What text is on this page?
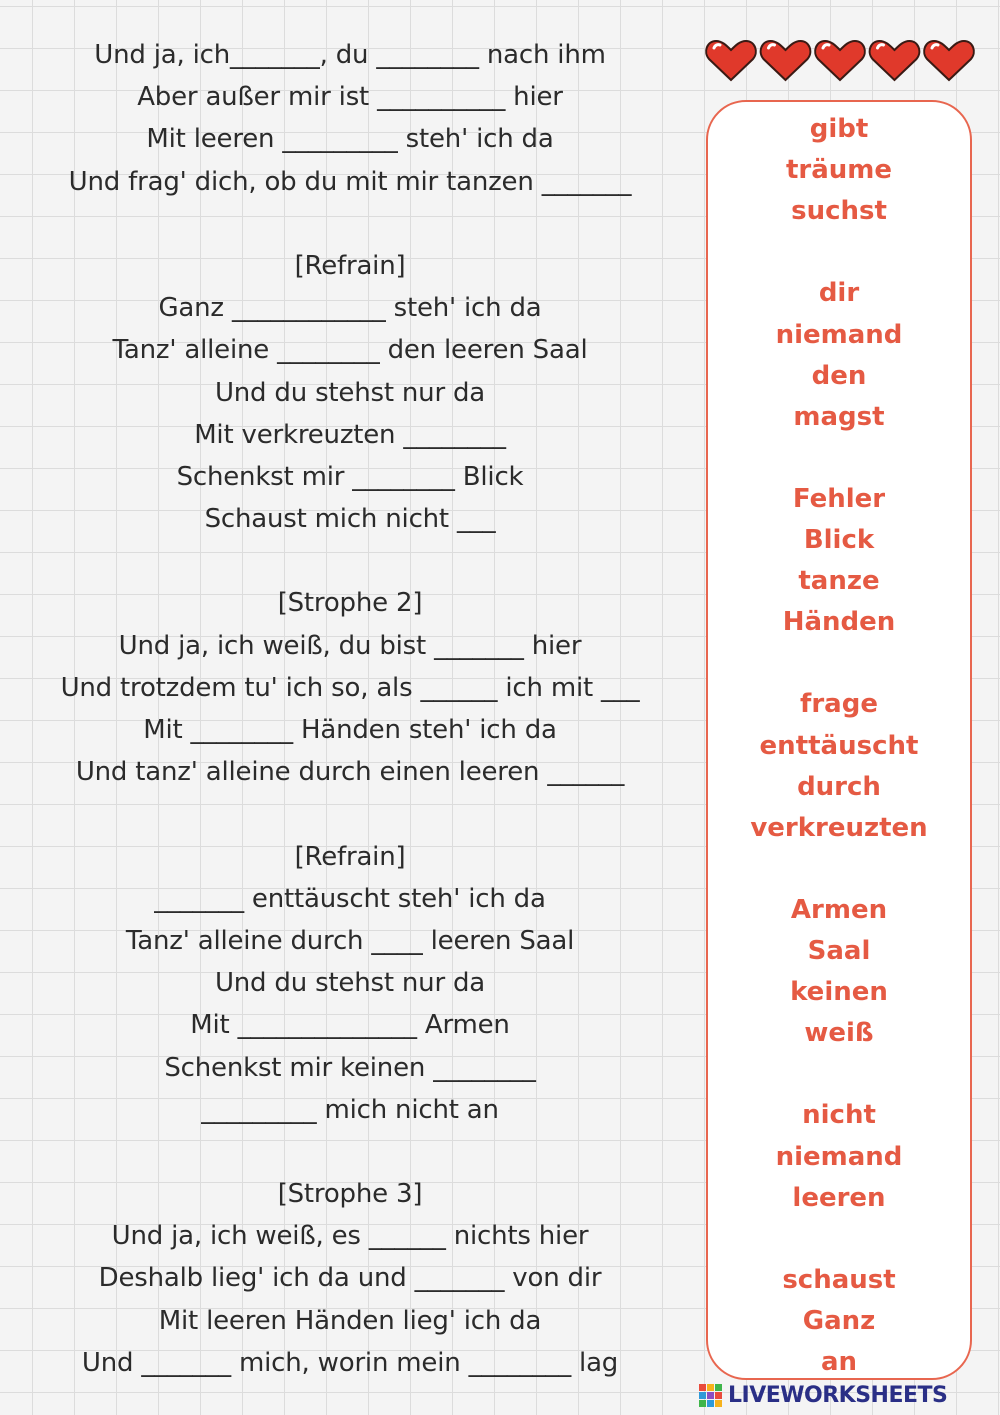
Und ja, ich_______, du ________ nach ihm
Aber außer mir ist __________ hier
Mit leeren _________ steh' ich da
Und frag' dich, ob du mit mir tanzen _______
[Refrain]
Ganz ____________ steh' ich da
Tanz' alleine ________ den leeren Saal
Und du stehst nur da
Mit verkreuzten ________
Schenkst mir ________ Blick
Schaust mich nicht ___
[Strophe 2]
Und ja, ich weiß, du bist _______ hier
Und trotzdem tu' ich so, als ______ ich mit ___
Mit ________ Händen steh' ich da
Und tanz' alleine durch einen leeren ______
[Refrain]
_______ enttäuscht steh' ich da
Tanz' alleine durch ____ leeren Saal
Und du stehst nur da
Mit ______________ Armen
Schenkst mir keinen ________
_________ mich nicht an
[Strophe 3]
Und ja, ich weiß, es ______ nichts hier
Deshalb lieg' ich da und _______ von dir
Mit leeren Händen lieg' ich da
Und _______ mich, worin mein ________ lag
gibt
träume
suchst
dir
niemand
den
magst
Fehler
Blick
tanze
Händen
frage
enttäuscht
durch
verkreuzten
Armen
Saal
keinen
weiß
nicht
niemand
leeren
schaust
Ganz
an
LIVEWORKSHEETS
